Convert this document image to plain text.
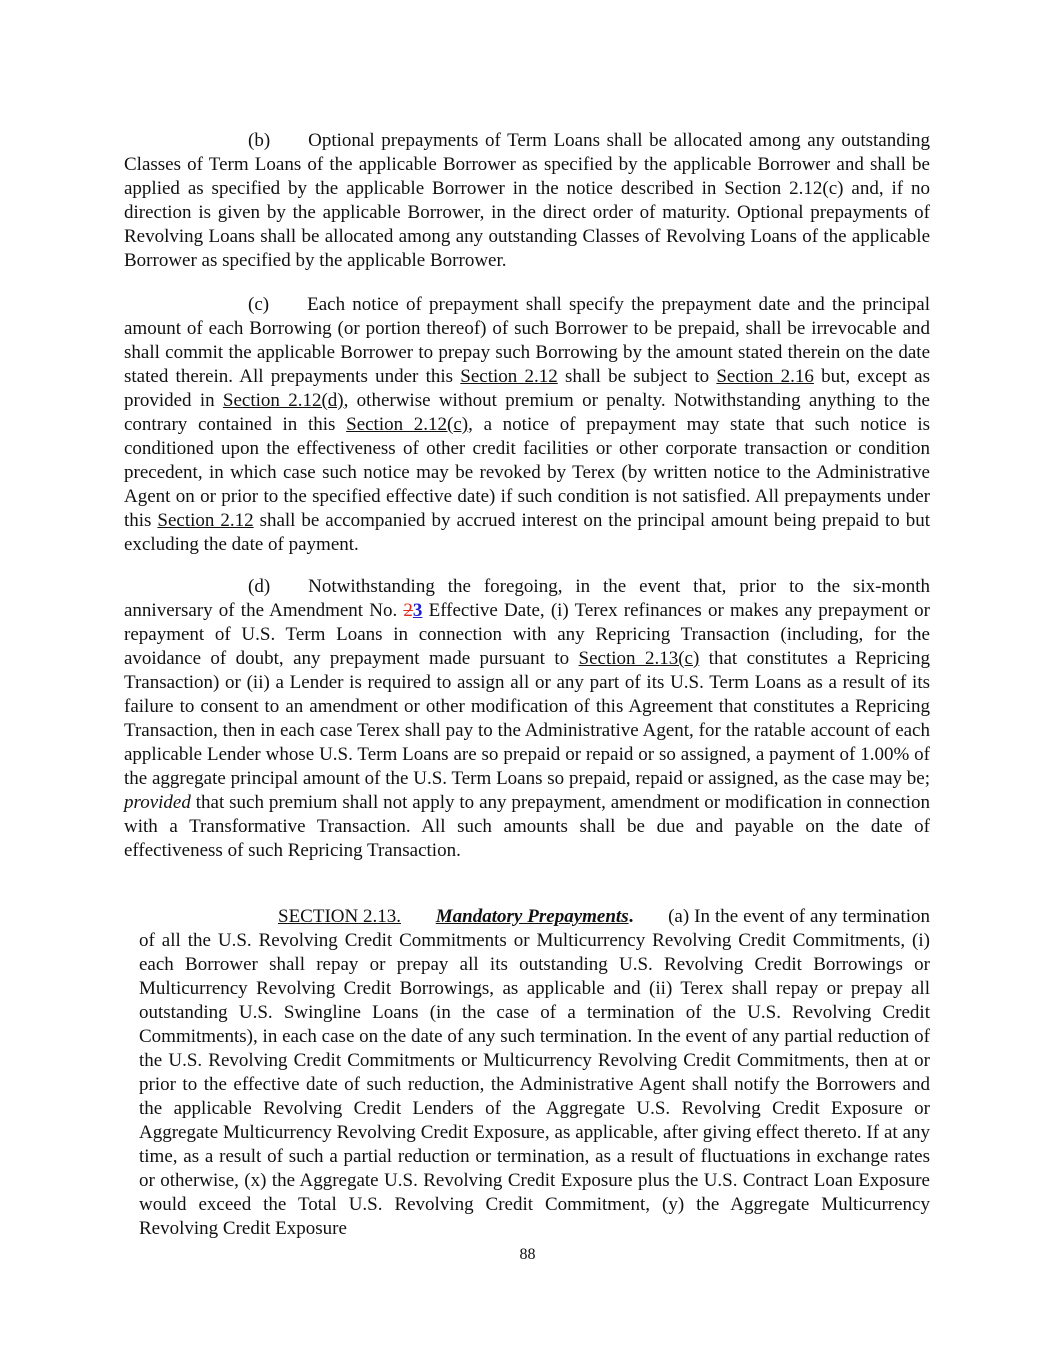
(b) Optional prepayments of Term Loans shall be allocated among any outstanding Classes of Term Loans of the applicable Borrower as specified by the applicable Borrower and shall be applied as specified by the applicable Borrower in the notice described in Section 2.12(c) and, if no direction is given by the applicable Borrower, in the direct order of maturity. Optional prepayments of Revolving Loans shall be allocated among any outstanding Classes of Revolving Loans of the applicable Borrower as specified by the applicable Borrower.

(c) Each notice of prepayment shall specify the prepayment date and the principal amount of each Borrowing (or portion thereof) of such Borrower to be prepaid, shall be irrevocable and shall commit the applicable Borrower to prepay such Borrowing by the amount stated therein on the date stated therein. All prepayments under this Section 2.12 shall be subject to Section 2.16 but, except as provided in Section 2.12(d), otherwise without premium or penalty. Notwithstanding anything to the contrary contained in this Section 2.12(c), a notice of prepayment may state that such notice is conditioned upon the effectiveness of other credit facilities or other corporate transaction or condition precedent, in which case such notice may be revoked by Terex (by written notice to the Administrative Agent on or prior to the specified effective date) if such condition is not satisfied. All prepayments under this Section 2.12 shall be accompanied by accrued interest on the principal amount being prepaid to but excluding the date of payment.

(d) Notwithstanding the foregoing, in the event that, prior to the six-month anniversary of the Amendment No. 23 Effective Date, (i) Terex refinances or makes any prepayment or repayment of U.S. Term Loans in connection with any Repricing Transaction (including, for the avoidance of doubt, any prepayment made pursuant to Section 2.13(c) that constitutes a Repricing Transaction) or (ii) a Lender is required to assign all or any part of its U.S. Term Loans as a result of its failure to consent to an amendment or other modification of this Agreement that constitutes a Repricing Transaction, then in each case Terex shall pay to the Administrative Agent, for the ratable account of each applicable Lender whose U.S. Term Loans are so prepaid or repaid or so assigned, a payment of 1.00% of the aggregate principal amount of the U.S. Term Loans so prepaid, repaid or assigned, as the case may be; provided that such premium shall not apply to any prepayment, amendment or modification in connection with a Transformative Transaction. All such amounts shall be due and payable on the date of effectiveness of such Repricing Transaction.

SECTION 2.13. Mandatory Prepayments. (a) In the event of any termination of all the U.S. Revolving Credit Commitments or Multicurrency Revolving Credit Commitments, (i) each Borrower shall repay or prepay all its outstanding U.S. Revolving Credit Borrowings or Multicurrency Revolving Credit Borrowings, as applicable and (ii) Terex shall repay or prepay all outstanding U.S. Swingline Loans (in the case of a termination of the U.S. Revolving Credit Commitments), in each case on the date of any such termination. In the event of any partial reduction of the U.S. Revolving Credit Commitments or Multicurrency Revolving Credit Commitments, then at or prior to the effective date of such reduction, the Administrative Agent shall notify the Borrowers and the applicable Revolving Credit Lenders of the Aggregate U.S. Revolving Credit Exposure or Aggregate Multicurrency Revolving Credit Exposure, as applicable, after giving effect thereto. If at any time, as a result of such a partial reduction or termination, as a result of fluctuations in exchange rates or otherwise, (x) the Aggregate U.S. Revolving Credit Exposure plus the U.S. Contract Loan Exposure would exceed the Total U.S. Revolving Credit Commitment, (y) the Aggregate Multicurrency Revolving Credit Exposure

88
